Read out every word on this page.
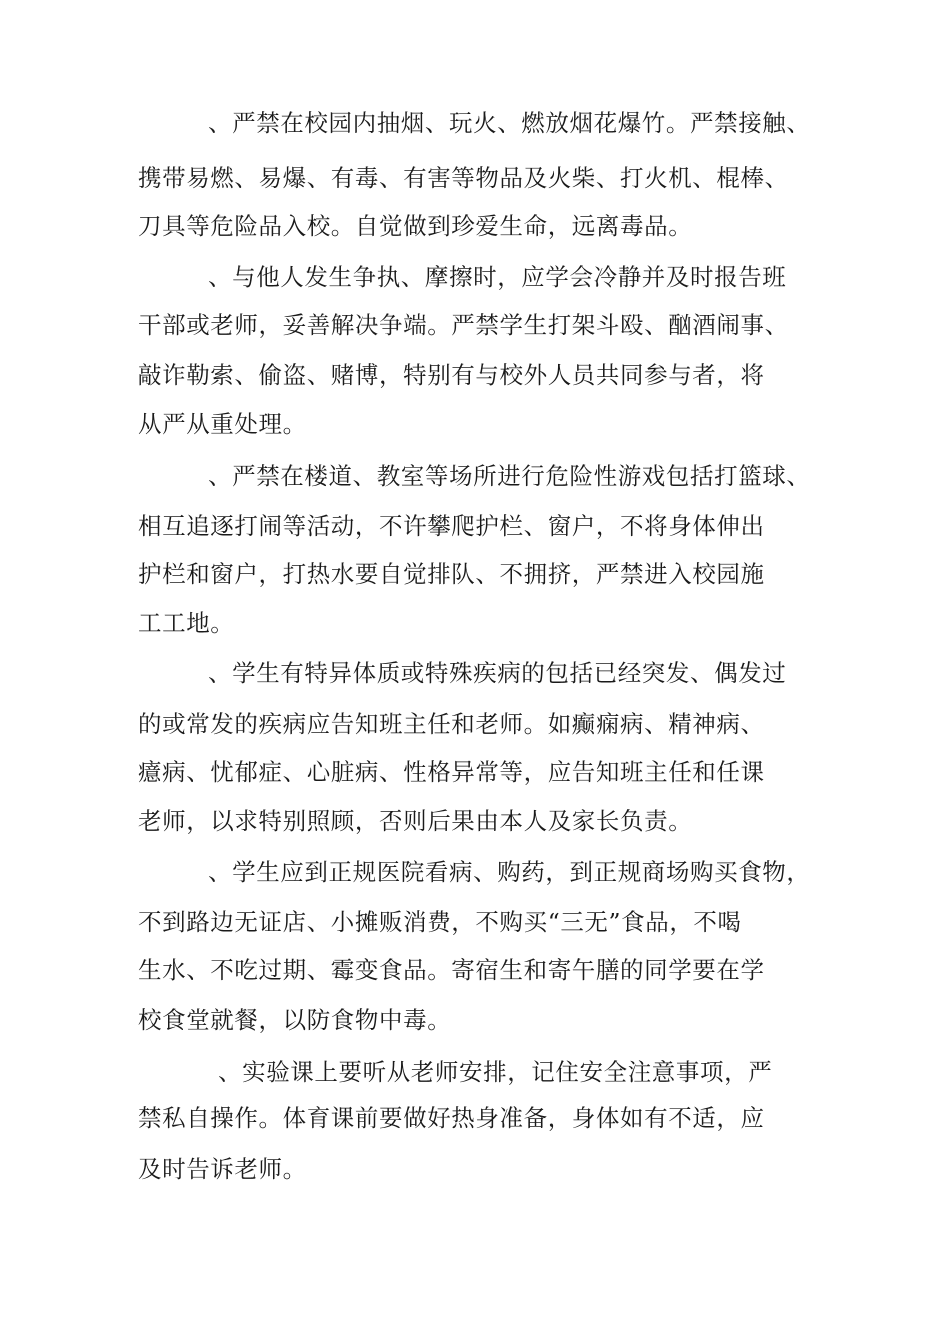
、严禁在校园内抽烟、玩火、燃放烟花爆竹。严禁接触、
携带易燃、易爆、有毒、有害等物品及火柴、打火机、棍棒、
刀具等危险品入校。自觉做到珍爱生命，远离毒品。
、与他人发生争执、摩擦时，应学会冷静并及时报告班
干部或老师，妥善解决争端。严禁学生打架斗殴、酗酒闹事、
敲诈勒索、偷盗、赌博，特别有与校外人员共同参与者，将
从严从重处理。
、严禁在楼道、教室等场所进行危险性游戏包括打篮球、
相互追逐打闹等活动，不许攀爬护栏、窗户，不将身体伸出
护栏和窗户，打热水要自觉排队、不拥挤，严禁进入校园施
工工地。
、学生有特异体质或特殊疾病的包括已经突发、偶发过
的或常发的疾病应告知班主任和老师。如癫痫病、精神病、
癔病、忧郁症、心脏病、性格异常等，应告知班主任和任课
老师，以求特别照顾，否则后果由本人及家长负责。
、学生应到正规医院看病、购药，到正规商场购买食物，
不到路边无证店、小摊贩消费，不购买“三无”食品，不喝
生水、不吃过期、霉变食品。寄宿生和寄午膳的同学要在学
校食堂就餐，以防食物中毒。
、实验课上要听从老师安排，记住安全注意事项，严
禁私自操作。体育课前要做好热身准备，身体如有不适，应
及时告诉老师。
